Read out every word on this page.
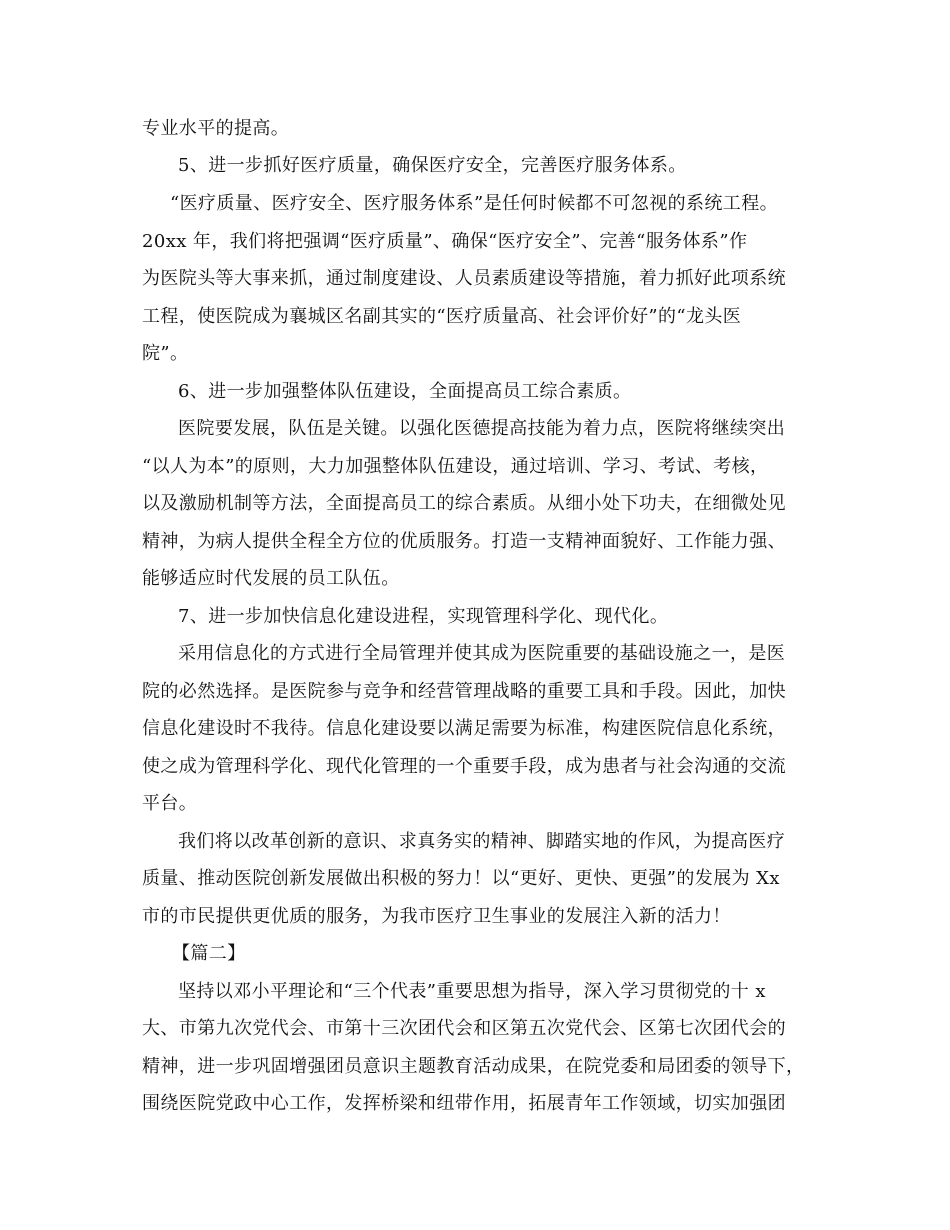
专业水平的提高。
5、进一步抓好医疗质量，确保医疗安全，完善医疗服务体系。
“医疗质量、医疗安全、医疗服务体系”是任何时候都不可忽视的系统工程。
20xx 年，我们将把强调“医疗质量”、确保“医疗安全”、完善“服务体系”作
为医院头等大事来抓，通过制度建设、人员素质建设等措施，着力抓好此项系统
工程，使医院成为襄城区名副其实的“医疗质量高、社会评价好”的“龙头医
院”。
6、进一步加强整体队伍建设，全面提高员工综合素质。
医院要发展，队伍是关键。以强化医德提高技能为着力点，医院将继续突出
“以人为本”的原则，大力加强整体队伍建设，通过培训、学习、考试、考核，
以及激励机制等方法，全面提高员工的综合素质。从细小处下功夫，在细微处见
精神，为病人提供全程全方位的优质服务。打造一支精神面貌好、工作能力强、
能够适应时代发展的员工队伍。
7、进一步加快信息化建设进程，实现管理科学化、现代化。
采用信息化的方式进行全局管理并使其成为医院重要的基础设施之一，是医
院的必然选择。是医院参与竞争和经营管理战略的重要工具和手段。因此，加快
信息化建设时不我待。信息化建设要以满足需要为标准，构建医院信息化系统，
使之成为管理科学化、现代化管理的一个重要手段，成为患者与社会沟通的交流
平台。
我们将以改革创新的意识、求真务实的精神、脚踏实地的作风，为提高医疗
质量、推动医院创新发展做出积极的努力！以“更好、更快、更强”的发展为 Xx
市的市民提供更优质的服务，为我市医疗卫生事业的发展注入新的活力！
【篇二】
坚持以邓小平理论和“三个代表”重要思想为指导，深入学习贯彻党的十 x
大、市第九次党代会、市第十三次团代会和区第五次党代会、区第七次团代会的
精神，进一步巩固增强团员意识主题教育活动成果，在院党委和局团委的领导下，
围绕医院党政中心工作，发挥桥梁和纽带作用，拓展青年工作领域，切实加强团
